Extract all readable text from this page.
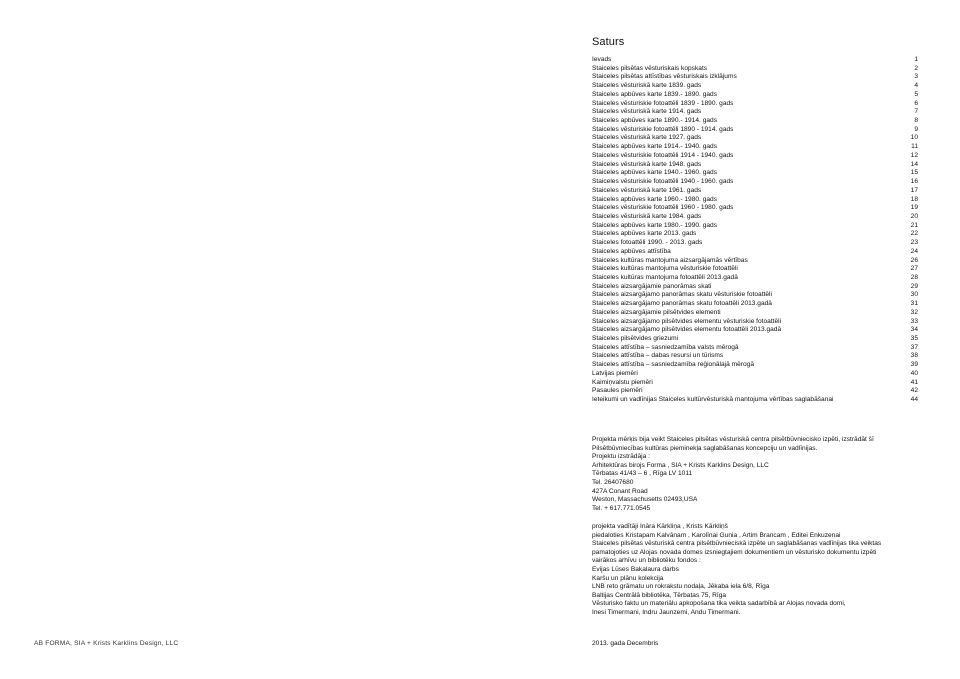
Saturs
Ievads	1
Staiceles pilsētas vēsturiskais kopskats	2
Staiceles pilsētas attīstības vēsturiskais izklājums	3
Staiceles vēsturiskā karte 1839. gads	4
Staiceles apbūves karte 1839.- 1890. gads	5
Staiceles vēsturiskie fotoattēli 1839 - 1890. gads	6
Staiceles vēsturiskā karte 1914. gads	7
Staiceles apbūves karte 1890.- 1914. gads	8
Staiceles vēsturiskie fotoattēli 1890 - 1914. gads	9
Staiceles vēsturiskā karte 1927. gads	10
Staiceles apbūves karte 1914.- 1940. gads	11
Staiceles vēsturiskie fotoattēli 1914 - 1940. gads	12
Staiceles vēsturiskā karte 1948. gads	14
Staiceles apbūves karte 1940.- 1960. gads	15
Staiceles vēsturiskie fotoattēli 1940 - 1960. gads	16
Staiceles vēsturiskā karte 1961. gads	17
Staiceles apbūves karte 1960.- 1980. gads	18
Staiceles vēsturiskie fotoattēli 1960 - 1980. gads	19
Staiceles vēsturiskā karte 1984. gads	20
Staiceles apbūves karte 1980.- 1990. gads	21
Staiceles apbūves karte 2013. gads	22
Staiceles fotoattēli 1990. - 2013. gads	23
Staiceles apbūves attīstība	24
Staiceles kultūras mantojuma aizsargājamās vērtības	26
Staiceles kultūras mantojuma vēsturiskie fotoattēli	27
Staiceles kultūras mantojuma fotoattēli 2013.gadā	28
Staiceles aizsargājamie panorāmas skati	29
Staiceles aizsargājamo panorāmas skatu vēsturiskie fotoattēli	30
Staiceles aizsargājamo panorāmas skatu fotoattēli 2013.gadā	31
Staiceles aizsargājamie pilsētvides elementi	32
Staiceles aizsargājamo pilsētvides elementu vēsturiskie fotoattēli	33
Staiceles aizsargājamo pilsētvides elementu fotoattēli 2013.gadā	34
Staiceles pilsētvides griezumi	35
Staiceles attīstība – sasniedzamība valsts mērogā	37
Staiceles attīstība – dabas resursi un tūrisms	38
Staiceles attīstība – sasniedzamība reģionālajā mērogā	39
Latvijas piemēri	40
Kaimiņvalstu piemēri	41
Pasaules piemēri	42
Ieteikumi un vadlīnijas Staiceles kultūrvēsturiskā mantojuma vērtības saglabāšanai	44
Projekta mērķis bija veikt Staiceles pilsētas vēsturiskā centra pilsētbūvniecisko izpēti, izstrādāt šī
Pilsētbūvniecības kultūras pieminekļa saglabāšanas koncepciju un vadlīnijas.
Projektu izstrādāja :
Arhitektūras birojs Forma , SIA + Krists Karklins Design, LLC
Tērbatas 41/43 – 6 , Rīga LV 1011
Tel. 26407680
427A Conant Road
Weston, Massachusetts 02493,USA
Tel. + 617.771.0545
projekta vadītāji Ināra Kārkliņa , Krists Kārkliņš
piedaloties Kristapam Kalvānam , Karolīnai Gunia , Artim Brancam , Editei Enkuzenai
Staiceles pilsētas vēsturiskā centra pilsētbūvnieciskā izpēte un saglabāšanas vadlīnijas tika veiktas
pamatojoties uz Alojas novada domes izsniegtajiem dokumentiem un vēsturisko dokumentu izpēti
vairākos arhīvu un bibliotēku fondos :
Evijas Lūses Bakalaura darbs
Karšu un plānu kolekcija
LNB reto grāmatu un rokrakstu nodaļa, Jēkaba iela 6/8, Rīga
Baltijas Centrālā bibliotēka, Tērbatas 75, Rīga
Vēsturisko faktu un materiālu apkopošana tika veikta sadarbībā ar Alojas novada domi,
Inesi Timermani, Indru Jaunzemi, Andu Timermani.
2013. gada Decembris
AB FORMA, SIA + Krists Karklins Design, LLC
